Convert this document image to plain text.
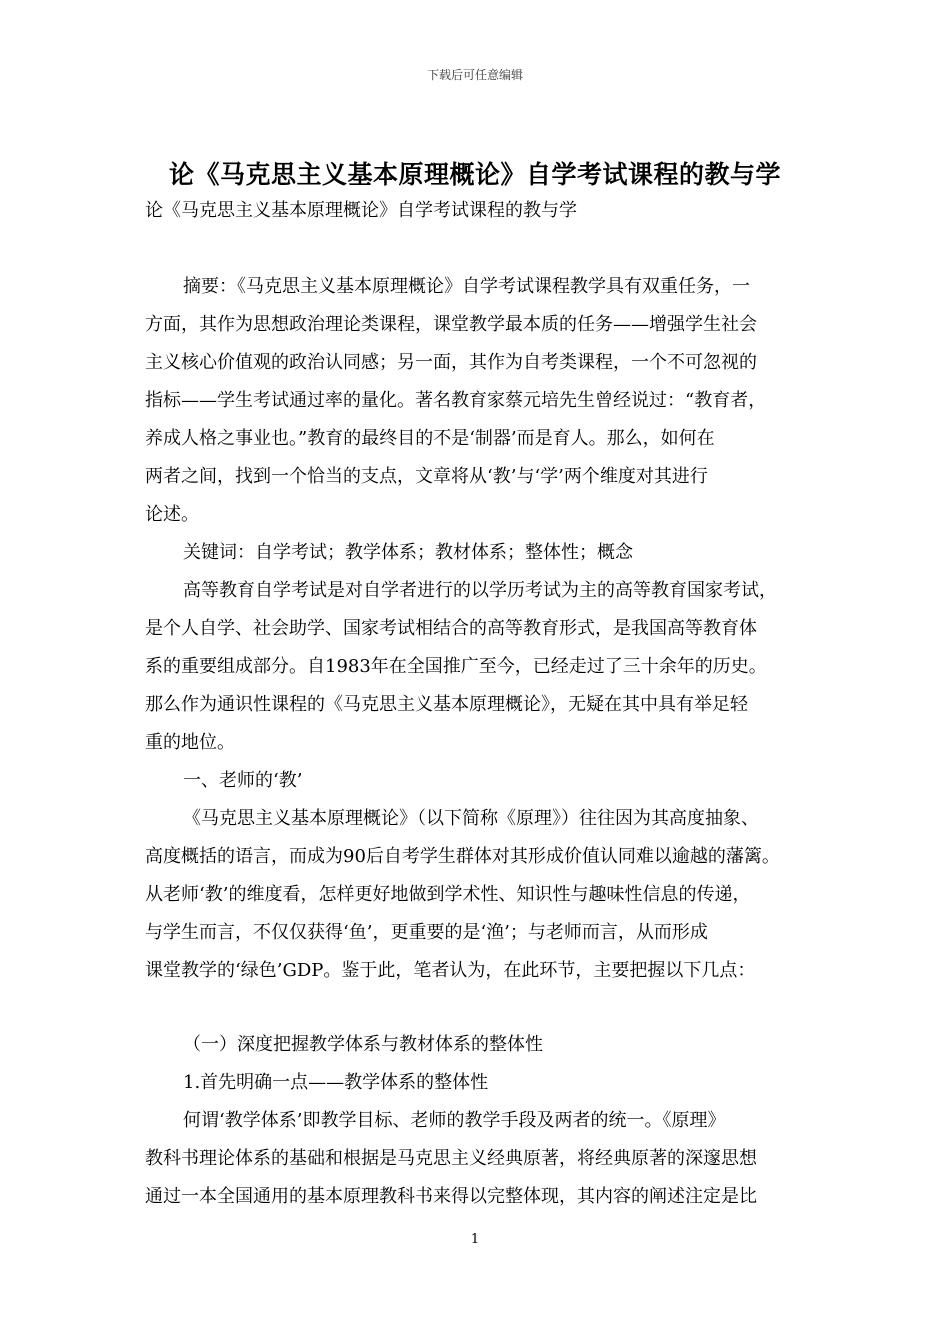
下载后可任意编辑
论《马克思主义基本原理概论》自学考试课程的教与学
论《马克思主义基本原理概论》自学考试课程的教与学
摘要：《马克思主义基本原理概论》自学考试课程教学具有双重任务，一
方面，其作为思想政治理论类课程，课堂教学最本质的任务——增强学生社会
主义核心价值观的政治认同感；另一面，其作为自考类课程，一个不可忽视的
指标——学生考试通过率的量化。著名教育家蔡元培先生曾经说过：“教育者，
养成人格之事业也。”教育的最终目的不是‘制器’而是育人。那么，如何在
两者之间，找到一个恰当的支点，文章将从‘教’与‘学’两个维度对其进行
论述。
关键词：自学考试；教学体系；教材体系；整体性；概念
高等教育自学考试是对自学者进行的以学历考试为主的高等教育国家考试，
是个人自学、社会助学、国家考试相结合的高等教育形式，是我国高等教育体
系的重要组成部分。自1983年在全国推广至今，已经走过了三十余年的历史。
那么作为通识性课程的《马克思主义基本原理概论》，无疑在其中具有举足轻
重的地位。
一、老师的‘教’
《马克思主义基本原理概论》（以下简称《原理》）往往因为其高度抽象、
高度概括的语言，而成为90后自考学生群体对其形成价值认同难以逾越的藩篱。
从老师‘教’的维度看，怎样更好地做到学术性、知识性与趣味性信息的传递，
与学生而言，不仅仅获得‘鱼’，更重要的是‘渔’；与老师而言，从而形成
课堂教学的‘绿色’GDP。鉴于此，笔者认为，在此环节，主要把握以下几点：
（一）深度把握教学体系与教材体系的整体性
1.首先明确一点——教学体系的整体性
何谓‘教学体系’即教学目标、老师的教学手段及两者的统一。《原理》
教科书理论体系的基础和根据是马克思主义经典原著，将经典原著的深邃思想
通过一本全国通用的基本原理教科书来得以完整体现，其内容的阐述注定是比
1
